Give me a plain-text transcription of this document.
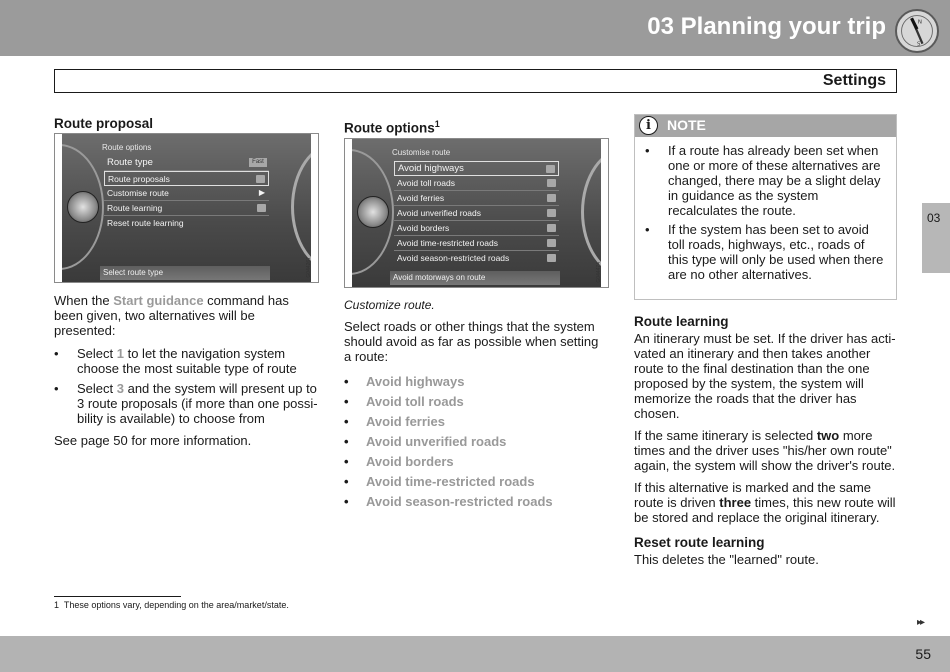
03 Planning your trip	N
S
Settings
03
Route proposal
Route options
Route type	Fast
Route proposals
Customise route	▶
Route learning
Reset route learning
Select route type	G044267

When the Start guidance command has been given, two alternatives will be presented:

• Select 1 to let the navigation system choose the most suitable type of route
• Select 3 and the system will present up to 3 route proposals (if more than one possi-bility is available) to choose from

See page 50 for more information.

Route options$^1$
Customise route
Avoid highways
Avoid toll roads
Avoid ferries
Avoid unverified roads
Avoid borders
Avoid time-restricted roads
Avoid season-restricted roads
Avoid motorways on route	G044474
Customize route.

Select roads or other things that the system should avoid as far as possible when setting a route:

• Avoid highways
• Avoid toll roads
• Avoid ferries
• Avoid unverified roads
• Avoid borders
• Avoid time-restricted roads
• Avoid season-restricted roads
i	NOTE
• If a route has already been set when one or more of these alternatives are changed, there may be a slight delay in guidance as the system recalculates the route.
• If the system has been set to avoid toll roads, highways, etc., roads of this type will only be used when there are no other alternatives.
Route learning

An itinerary must be set. If the driver has acti-vated an itinerary and then takes another route to the final destination than the one proposed by the system, the system will memorize the roads that the driver has chosen.

If the same itinerary is selected two more times and the driver uses "his/her own route" again, the system will show the driver's route.

If this alternative is marked and the same route is driven three times, this new route will be stored and replace the original itinerary.

Reset route learning

This deletes the "learned" route.

1 These options vary, depending on the area/market/state.
▸▸
55
